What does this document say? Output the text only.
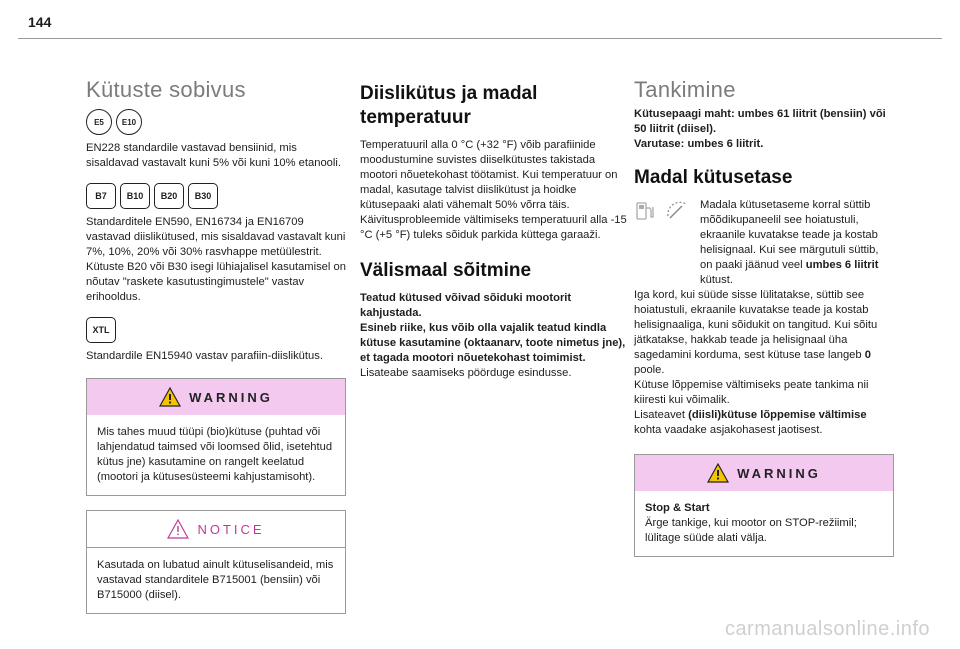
144
Kütuste sobivus
E5	E10

EN228 standardile vastavad bensiinid, mis sisaldavad vastavalt kuni 5% või kuni 10% etanooli.

B7	B10	B20	B30

Standarditele EN590, EN16734 ja EN16709 vastavad diislikütused, mis sisaldavad vastavalt kuni 7%, 10%, 20% või 30% rasvhappe metüülestrit. Kütuste B20 või B30 isegi lühiajalisel kasutamisel on nõutav "raskete kasutustingimustele" vastav erihooldus.

XTL

Standardile EN15940 vastav parafiin-diislikütus.

WARNING
Mis tahes muud tüüpi (bio)kütuse (puhtad või lahjendatud taimsed või loomsed õlid, isetehtud kütus jne) kasutamine on rangelt keelatud (mootori ja kütusesüsteemi kahjustamisoht).
NOTICE
Kasutada on lubatud ainult kütuselisandeid, mis vastavad standarditele B715001 (bensiin) või B715000 (diisel).
Diislikütus ja madal temperatuur

Temperatuuril alla 0 °C (+32 °F) võib parafiinide moodustumine suvistes diiselkütustes takistada mootori nõuetekohast töötamist. Kui temperatuur on madal, kasutage talvist diislikütust ja hoidke kütusepaaki alati vähemalt 50% võrra täis. Käivitusprobleemide vältimiseks temperatuuril alla -15 °C (+5 °F) tuleks sõiduk parkida küttega garaaži.

Välismaal sõitmine

Teatud kütused võivad sõiduki mootorit kahjustada.
Esineb riike, kus võib olla vajalik teatud kindla kütuse kasutamine (oktaanarv, toote nimetus jne), et tagada mootori nõuetekohast toimimist.

Lisateabe saamiseks pöörduge esindusse.

Tankimine

Kütusepaagi maht: umbes 61 liitrit (bensiin) või 50 liitrit (diisel).

Varutase: umbes 6 liitrit.

Madal kütusetase

Madala kütusetaseme korral süttib mõõdikupaneelil see hoiatustuli, ekraanile kuvatakse teade ja kostab helisignaal. Kui see märgutuli süttib, on paaki jäänud veel umbes 6 liitrit kütust.

Iga kord, kui süüde sisse lülitatakse, süttib see hoiatustuli, ekraanile kuvatakse teade ja kostab helisignaaliga, kuni sõidukit on tangitud. Kui sõitu jätkatakse, hakkab teade ja helisignaal üha sagedamini korduma, sest kütuse tase langeb 0 poole.

Kütuse lõppemise vältimiseks peate tankima nii kiiresti kui võimalik.

Lisateavet (diisli)kütuse lõppemise vältimise kohta vaadake asjakohasest jaotisest.

WARNING
Stop & Start
Ärge tankige, kui mootor on STOP-režiimil; lülitage süüde alati välja.
carmanualsonline.info
